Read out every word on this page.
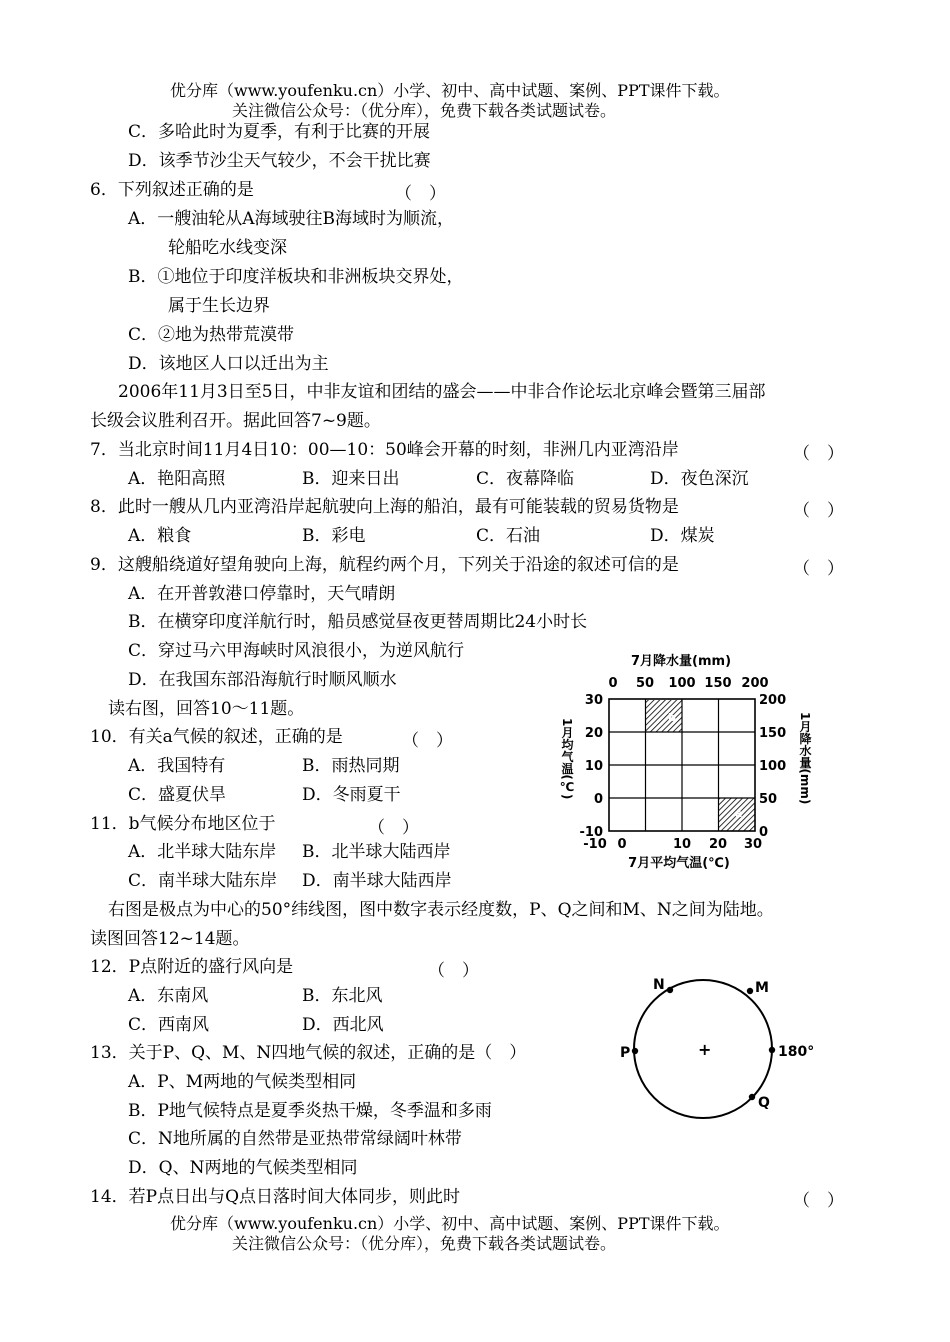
优分库（www.youfenku.cn）小学、初中、高中试题、案例、PPT课件下载。
关注微信公众号：（优分库），免费下载各类试题试卷。
C．多哈此时为夏季，有利于比赛的开展
D．该季节沙尘天气较少，不会干扰比赛
6．下列叙述正确的是	（　）
A．一艘油轮从A海域驶往B海域时为顺流，
轮船吃水线变深
B．①地位于印度洋板块和非洲板块交界处，
属于生长边界
C．②地为热带荒漠带
D．该地区人口以迁出为主
2006年11月3日至5日，中非友谊和团结的盛会——中非合作论坛北京峰会暨第三届部
长级会议胜利召开。据此回答7~9题。
7．当北京时间11月4日10：00—10：50峰会开幕的时刻，非洲几内亚湾沿岸	（　）
A．艳阳高照	B．迎来日出	C．夜幕降临	D．夜色深沉
8．此时一艘从几内亚湾沿岸起航驶向上海的船泊，最有可能装载的贸易货物是	（　）
A．粮食	B．彩电	C．石油	D．煤炭
9．这艘船绕道好望角驶向上海，航程约两个月，下列关于沿途的叙述可信的是	（　）
A．在开普敦港口停靠时，天气晴朗
B．在横穿印度洋航行时，船员感觉昼夜更替周期比24小时长
C．穿过马六甲海峡时风浪很小，为逆风航行
D．在我国东部沿海航行时顺风顺水
读右图，回答10～11题。
10．有关a气候的叙述，正确的是	（　）
A．我国特有	B．雨热同期
C．盛夏伏旱	D．冬雨夏干
11．b气候分布地区位于	（　）
A．北半球大陆东岸 B．北半球大陆西岸
C．南半球大陆东岸 D．南半球大陆西岸
右图是极点为中心的50°纬线图，图中数字表示经度数，P、Q之间和M、N之间为陆地。
读图回答12~14题。
12．P点附近的盛行风向是	（　）
A．东南风	B．东北风
C．西南风	D．西北风
13．关于P、Q、M、N四地气候的叙述，正确的是（　）
A．P、M两地的气候类型相同
B．P地气候特点是夏季炎热干燥，冬季温和多雨
C．N地所属的自然带是亚热带常绿阔叶林带
D．Q、N两地的气候类型相同
14．若P点日出与Q点日落时间大体同步，则此时	（　）
优分库（www.youfenku.cn）小学、初中、高中试题、案例、PPT课件下载。
关注微信公众号：（优分库），免费下载各类试题试卷。
7月降水量(mm)
0 50 100 150 200
b
a
30
20
10
0
-10
1月均气温(℃)
200
150
100
50
0
1月降水量(mm)
-10 0	10 20 30
7月平均气温(℃)
+
N	M
P	180°
Q
